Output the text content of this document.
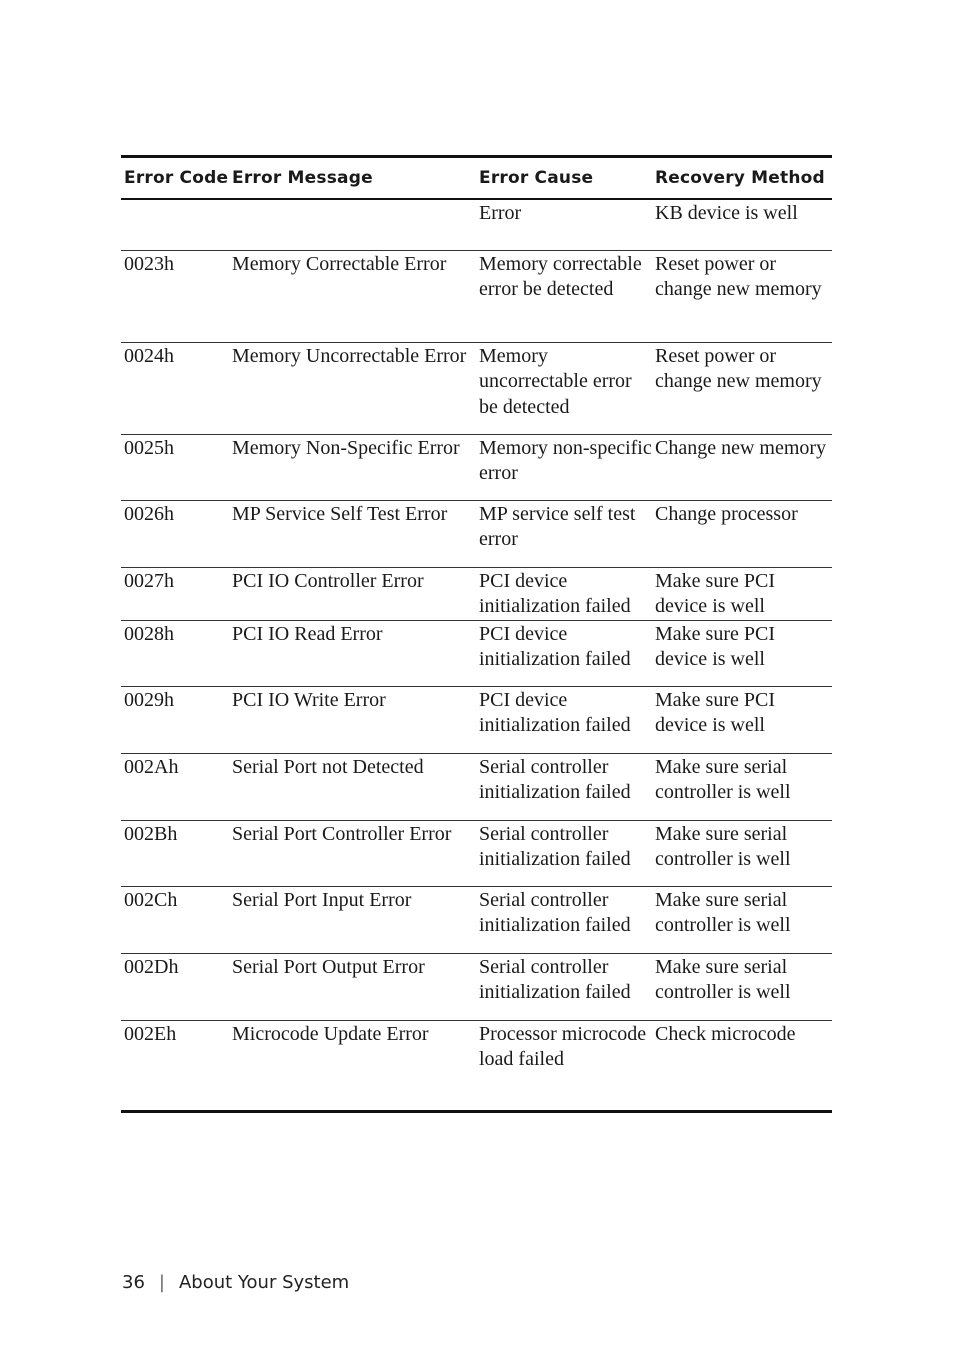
Error Code	Error Message	Error Cause	Recovery Method
		Error	KB device is well
0023h	Memory Correctable Error	Memory correctable error be detected	Reset power or change new memory
0024h	Memory Uncorrectable Error	Memory uncorrectable error be detected	Reset power or change new memory
0025h	Memory Non-Specific Error	Memory non-specific error	Change new memory
0026h	MP Service Self Test Error	MP service self test error	Change processor
0027h	PCI IO Controller Error	PCI device initialization failed	Make sure PCI device is well
0028h	PCI IO Read Error	PCI device initialization failed	Make sure PCI device is well
0029h	PCI IO Write Error	PCI device initialization failed	Make sure PCI device is well
002Ah	Serial Port not Detected	Serial controller initialization failed	Make sure serial controller is well
002Bh	Serial Port Controller Error	Serial controller initialization failed	Make sure serial controller is well
002Ch	Serial Port Input Error	Serial controller initialization failed	Make sure serial controller is well
002Dh	Serial Port Output Error	Serial controller initialization failed	Make sure serial controller is well
002Eh	Microcode Update Error	Processor microcode load failed	Check microcode
36 | About Your System
